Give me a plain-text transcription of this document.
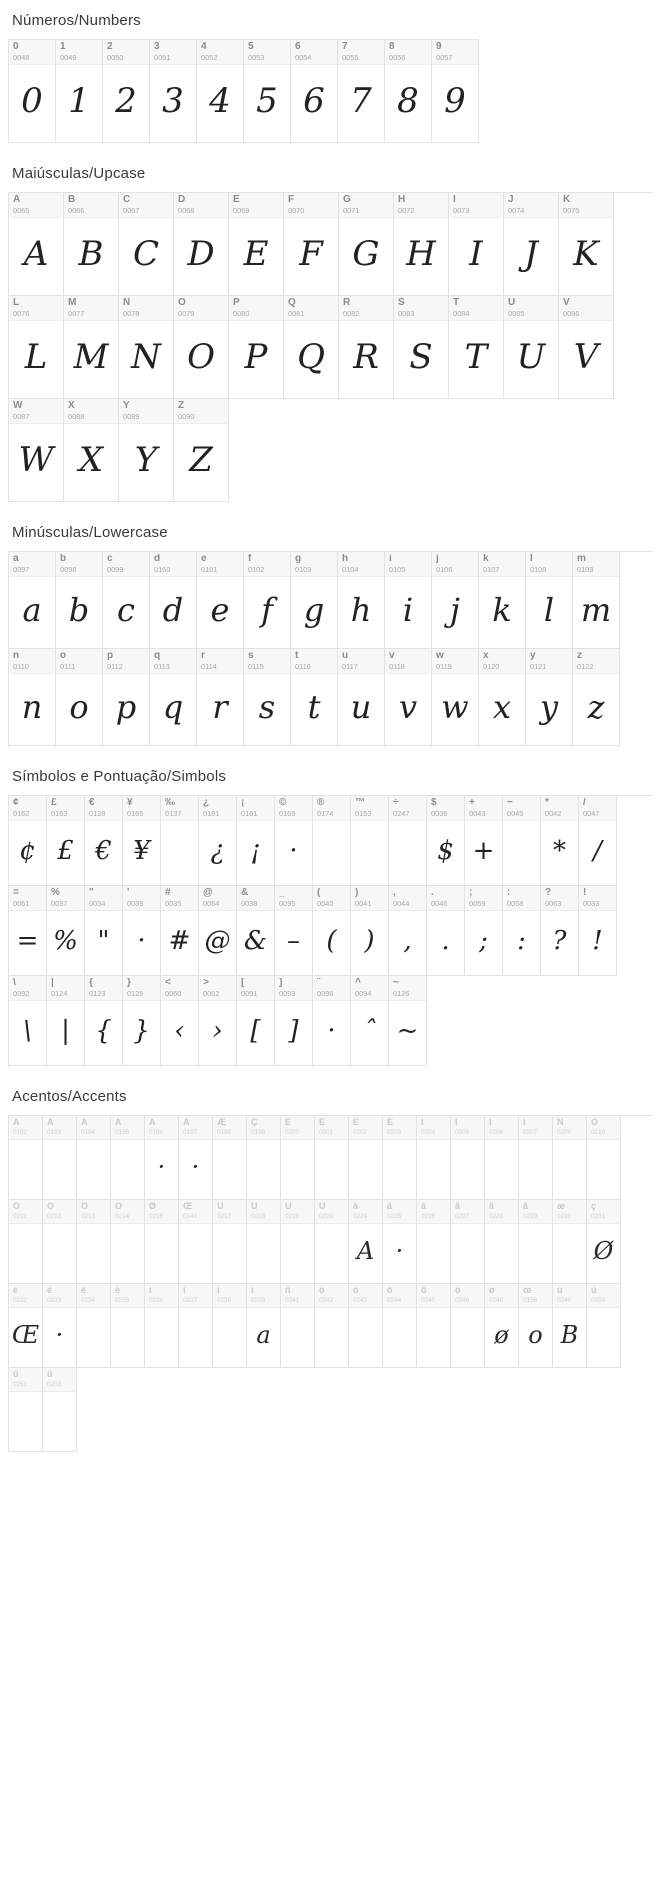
Números/Numbers
0
0048
0
1
0049
1
2
0050
2
3
0051
3
4
0052
4
5
0053
5
6
0054
6
7
0055
7
8
0056
8
9
0057
9
Maiúsculas/Upcase
A
0065
A
B
0066
B
C
0067
C
D
0068
D
E
0069
E
F
0070
F
G
0071
G
H
0072
H
I
0073
I
J
0074
J
K
0075
K
L
0076
L
M
0077
M
N
0078
N
O
0079
O
P
0080
P
Q
0081
Q
R
0082
R
S
0083
S
T
0084
T
U
0085
U
V
0086
V
W
0087
W
X
0088
X
Y
0089
Y
Z
0090
Z
Minúsculas/Lowercase
a
0097
a
b
0098
b
c
0099
c
d
0160
d
e
0101
e
f
0102
f
g
0103
g
h
0104
h
i
0105
i
j
0106
j
k
0107
k
l
0108
l
m
0109
m
n
0110
n
o
0111
o
p
0112
p
q
0113
q
r
0114
r
s
0115
s
t
0116
t
u
0117
u
v
0118
v
w
0119
w
x
0120
x
y
0121
y
z
0122
z
Símbolos e Pontuação/Simbols
¢
0162
¢
£
0163
£
€
0128
€
¥
0165
¥
‰
0137
¿
0191
¿
¡
0161
¡
©
0169
·
®
0174
™
0153
÷
0247
$
0036
$
+
0043
+
−
0045
*
0042
*
/
0047
/
=
0061
=
%
0037
%
"
0034
"
'
0039
·
#
0035
#
@
0064
@
&
0038
&
_
0095
–
(
0040
(
)
0041
)
,
0044
,
.
0046
.
;
0059
;
:
0058
:
?
0063
?
!
0033
!
\
0092
\
|
0124
|
{
0123
{
}
0125
}
<
0060
‹
>
0062
›
[
0091
[
]
0093
]
¨
0096
·
^
0094
ˆ
~
0126
~
Acentos/Accents
À
0192
Á
0193
Â
0194
Ã
0195
Ä
0196
·
Å
0197
·
Æ
0198
Ç
0199
È
0200
É
0201
Ê
0202
Ë
0203
Ì
0204
Í
0205
Î
0206
Ï
0207
Ñ
0209
Ò
0210
Ó
0211
Ô
0212
Õ
0213
Ö
0214
Ø
0216
Œ
0140
Ù
0217
Ú
0218
Û
0219
Ü
0220
à
0224
A
á
0225
·
â
0226
ã
0227
ä
0228
å
0229
æ
0230
ç
0231
Ø
è
0232
Œ
é
0233
·
ê
0234
ë
0235
ì
0236
í
0237
î
0238
ï
0239
a
ñ
0241
ò
0242
ó
0243
ô
0244
õ
0245
ö
0246
ø
0248
ø
œ
0156
o
ù
0249
B
ú
0250
û
0251
ü
0252
